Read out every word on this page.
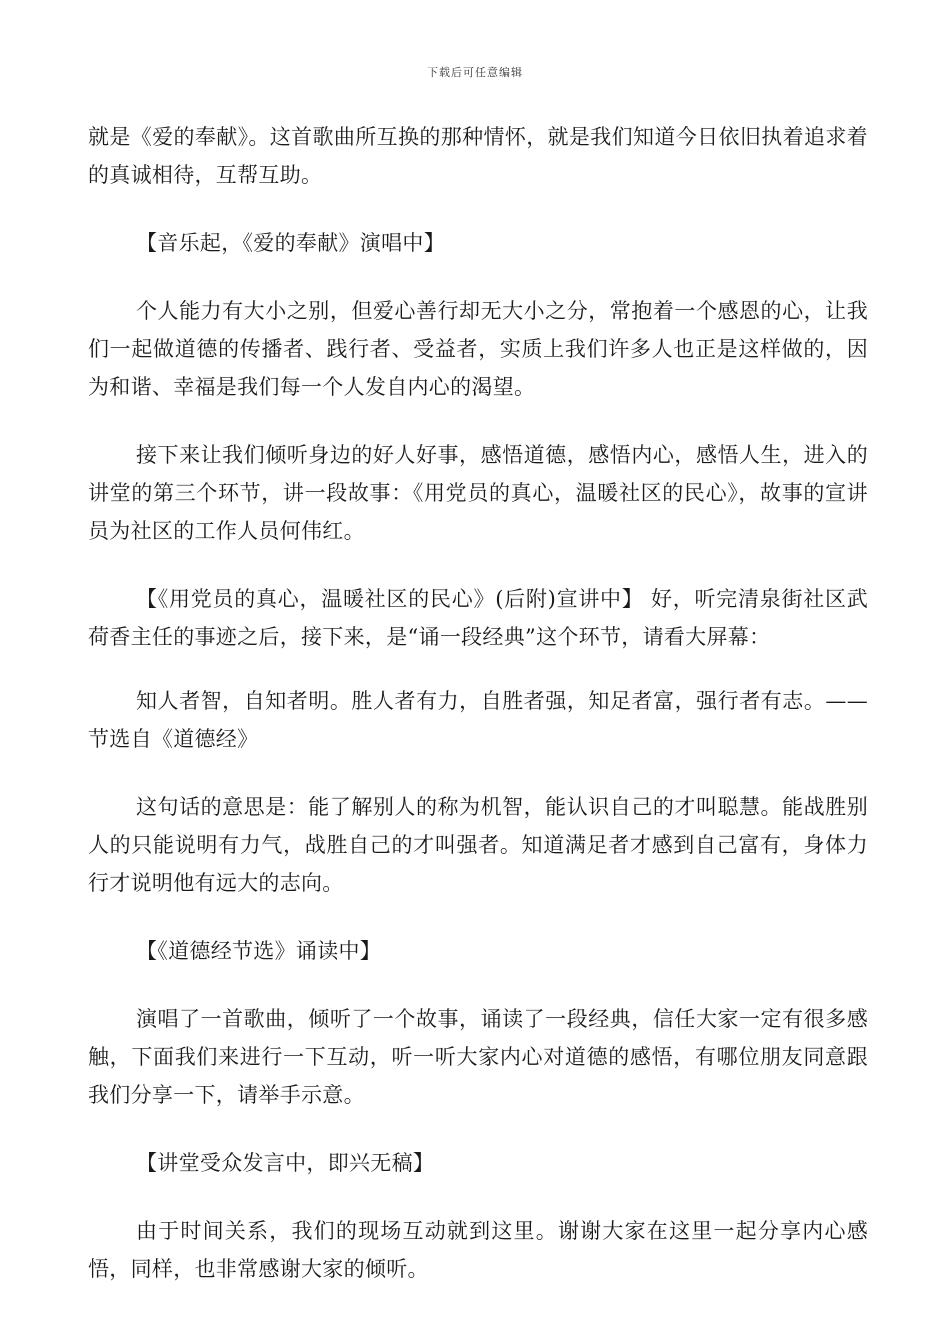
下载后可任意编辑

就是《爱的奉献》。这首歌曲所互换的那种情怀，就是我们知道今日依旧执着追求着的真诚相待，互帮互助。

【音乐起，《爱的奉献》演唱中】

个人能力有大小之别，但爱心善行却无大小之分，常抱着一个感恩的心，让我们一起做道德的传播者、践行者、受益者，实质上我们许多人也正是这样做的，因为和谐、幸福是我们每一个人发自内心的渴望。

接下来让我们倾听身边的好人好事，感悟道德，感悟内心，感悟人生，进入的讲堂的第三个环节，讲一段故事：《用党员的真心，温暖社区的民心》，故事的宣讲员为社区的工作人员何伟红。

【《用党员的真心，温暖社区的民心》(后附)宣讲中】 好，听完清泉街社区武荷香主任的事迹之后，接下来，是“诵一段经典”这个环节，请看大屏幕：

知人者智，自知者明。胜人者有力，自胜者强，知足者富，强行者有志。——节选自《道德经》

这句话的意思是：能了解别人的称为机智，能认识自己的才叫聪慧。能战胜别人的只能说明有力气，战胜自己的才叫强者。知道满足者才感到自己富有，身体力行才说明他有远大的志向。

【《道德经节选》诵读中】

演唱了一首歌曲，倾听了一个故事，诵读了一段经典，信任大家一定有很多感触，下面我们来进行一下互动，听一听大家内心对道德的感悟，有哪位朋友同意跟我们分享一下，请举手示意。

【讲堂受众发言中，即兴无稿】

由于时间关系，我们的现场互动就到这里。谢谢大家在这里一起分享内心感悟，同样，也非常感谢大家的倾听。
